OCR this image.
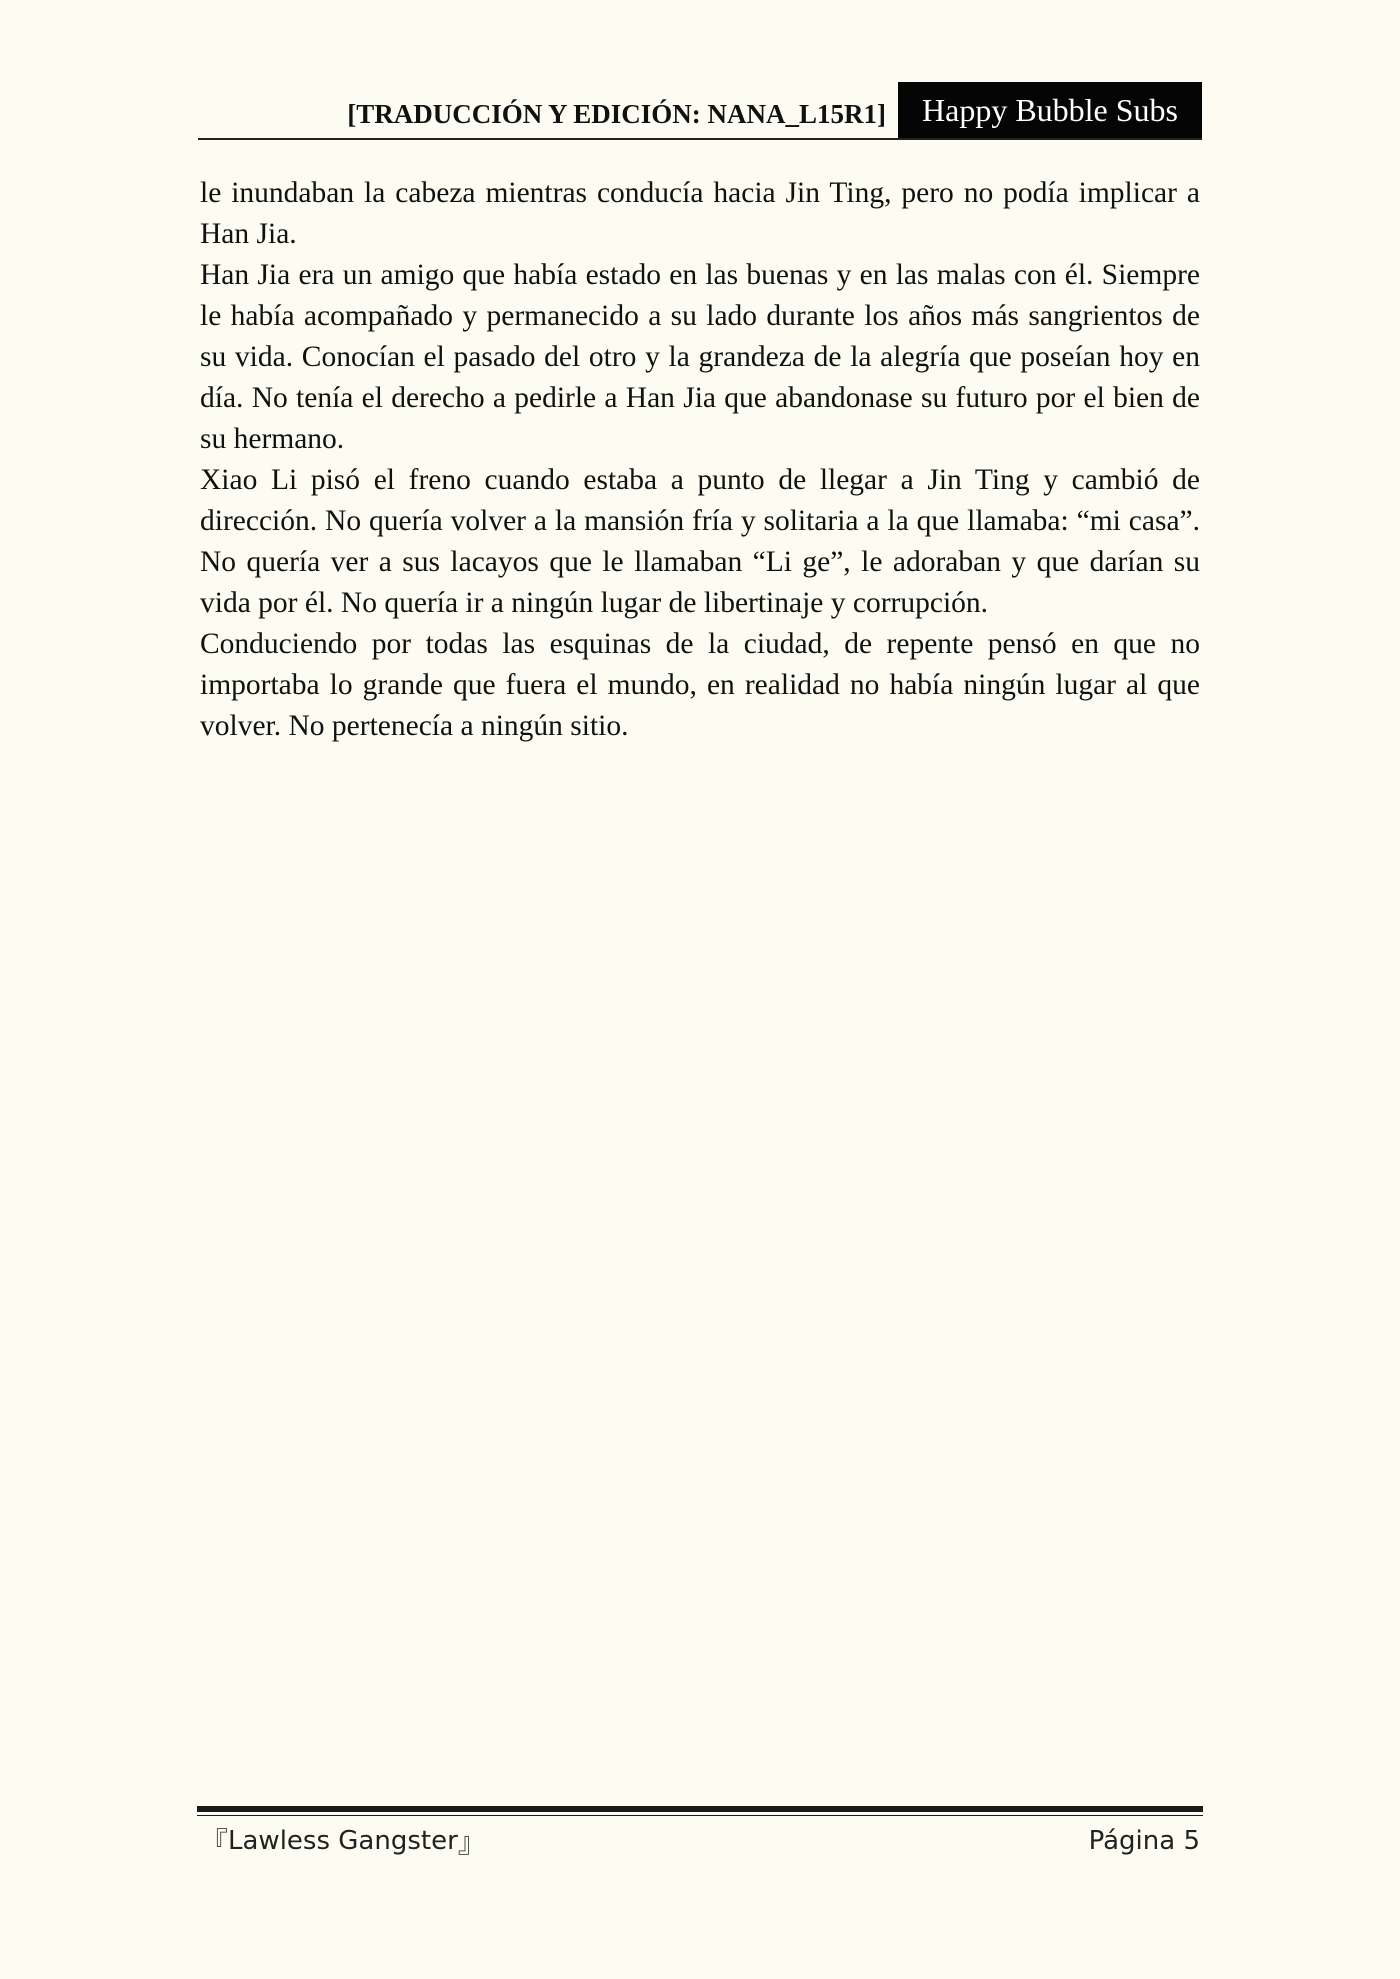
[TRADUCCIÓN Y EDICIÓN: NANA_L15R1]	Happy Bubble Subs

le inundaban la cabeza mientras conducía hacia Jin Ting, pero no podía implicar a Han Jia.

Han Jia era un amigo que había estado en las buenas y en las malas con él. Siempre le había acompañado y permanecido a su lado durante los años más sangrientos de su vida. Conocían el pasado del otro y la grandeza de la alegría que poseían hoy en día. No tenía el derecho a pedirle a Han Jia que abandonase su futuro por el bien de su hermano.

Xiao Li pisó el freno cuando estaba a punto de llegar a Jin Ting y cambió de dirección. No quería volver a la mansión fría y solitaria a la que llamaba: “mi casa”. No quería ver a sus lacayos que le llamaban “Li ge”, le adoraban y que darían su vida por él. No quería ir a ningún lugar de libertinaje y corrupción.

Conduciendo por todas las esquinas de la ciudad, de repente pensó en que no importaba lo grande que fuera el mundo, en realidad no había ningún lugar al que volver. No pertenecía a ningún sitio.

『 Lawless Gangster 』	Página 5
